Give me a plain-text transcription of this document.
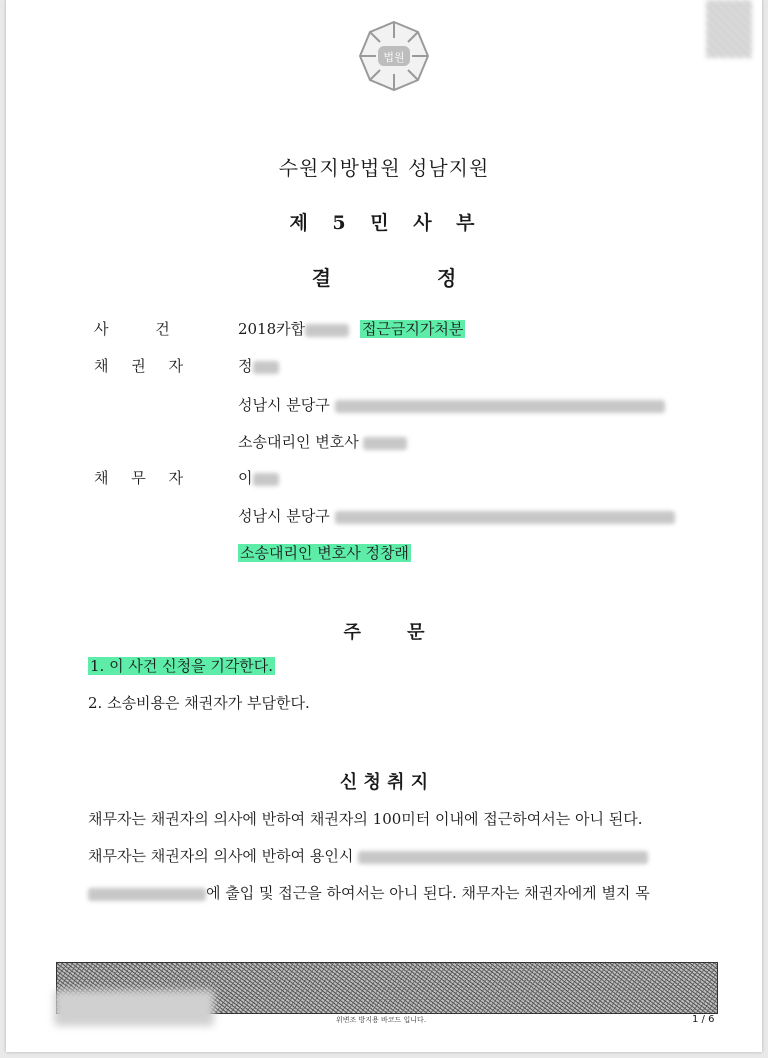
법원
수원지방법원 성남지원
제 5 민 사 부
결	정
사 건	2018카합	접근금지가처분
채 권 자	정
성남시 분당구
소송대리인 변호사
채 무 자	이
성남시 분당구
소송대리인 변호사 정창래
주 문
1. 이 사건 신청을 기각한다.
2. 소송비용은 채권자가 부담한다.
신 청 취 지
채무자는 채권자의 의사에 반하여 채권자의 100미터 이내에 접근하여서는 아니 된다.
채무자는 채권자의 의사에 반하여 용인시
에 출입 및 접근을 하여서는 아니 된다. 채무자는 채권자에게 별지 목
위변조 방지용 바코드 입니다.	1 / 6
